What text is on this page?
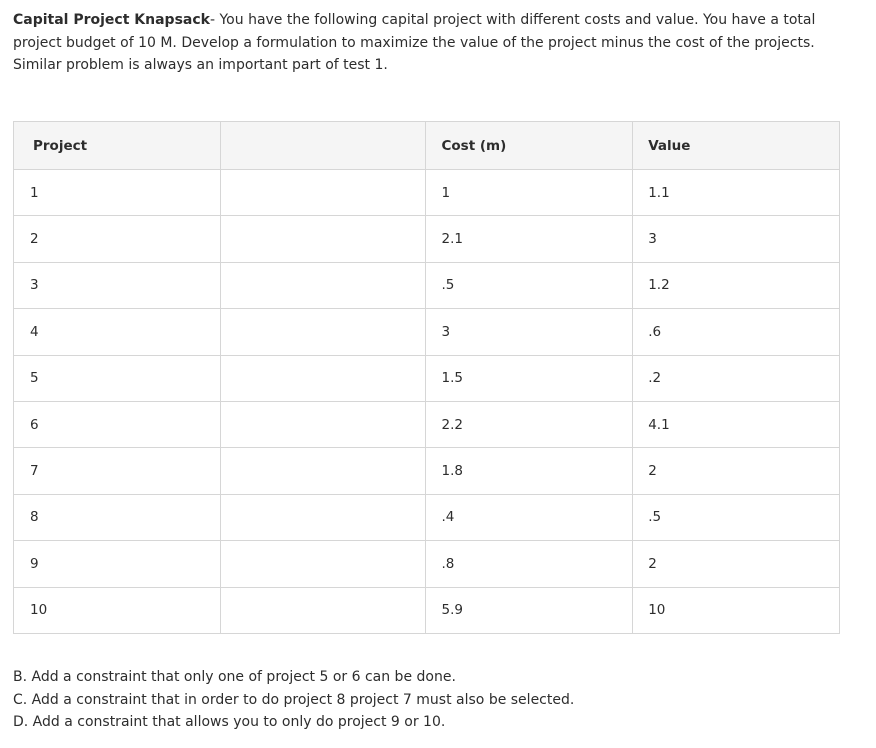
Capital Project Knapsack- You have the following capital project with different costs and value. You have a total project budget of 10 M. Develop a formulation to maximize the value of the project minus the cost of the projects. Similar problem is always an important part of test 1.

Project		Cost (m)	Value
1		1	1.1
2		2.1	3
3		.5	1.2
4		3	.6
5		1.5	.2
6		2.2	4.1
7		1.8	2
8		.4	.5
9		.8	2
10		5.9	10
B. Add a constraint that only one of project 5 or 6 can be done.
C. Add a constraint that in order to do project 8 project 7 must also be selected.
D. Add a constraint that allows you to only do project 9 or 10.
